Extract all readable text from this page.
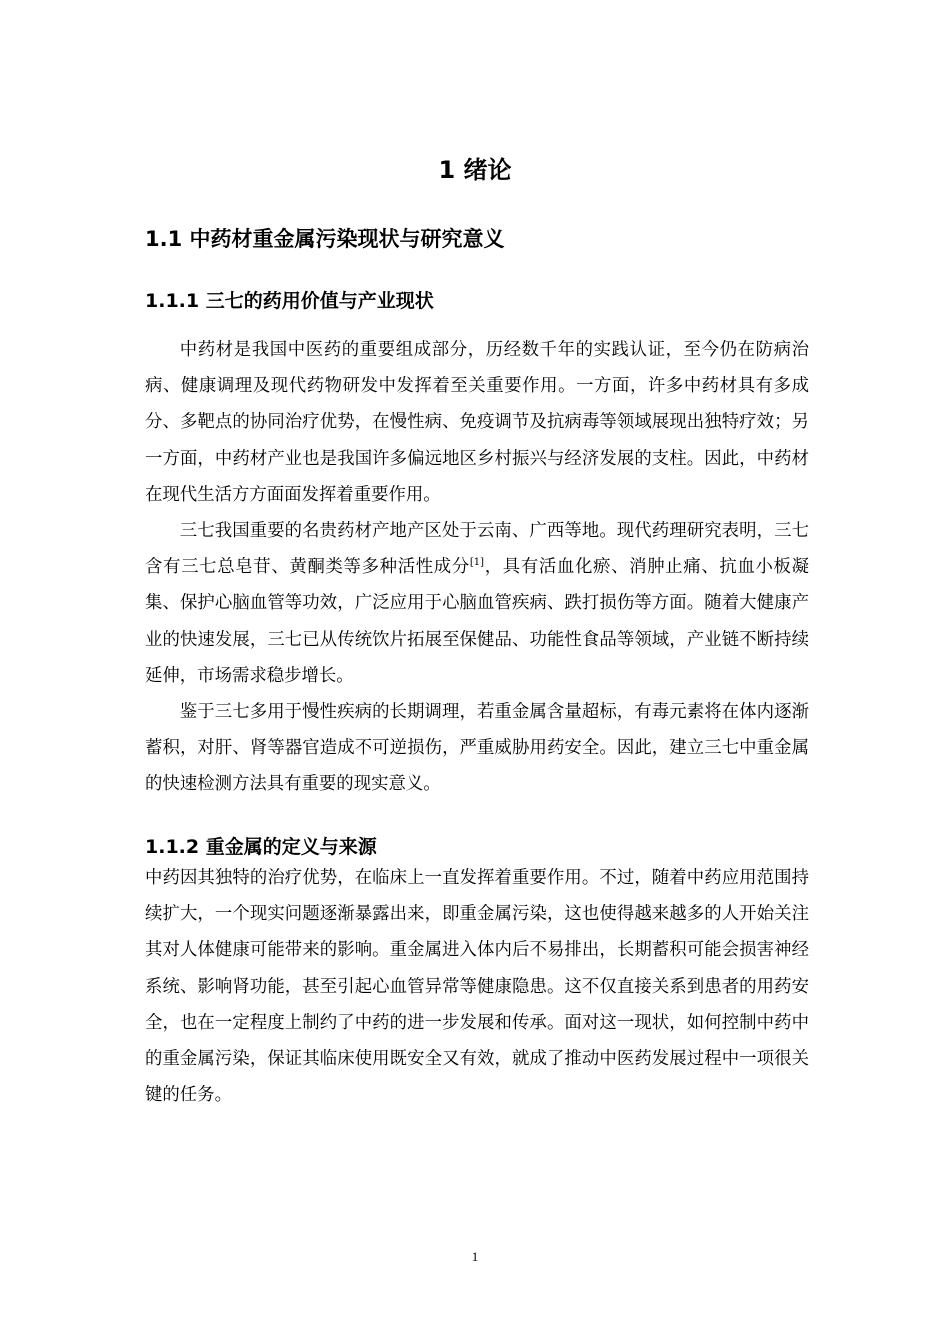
1 绪论
1.1 中药材重金属污染现状与研究意义
1.1.1 三七的药用价值与产业现状

中药材是我国中医药的重要组成部分，历经数千年的实践认证，至今仍在防病治病、健康调理及现代药物研发中发挥着至关重要作用。一方面，许多中药材具有多成分、多靶点的协同治疗优势，在慢性病、免疫调节及抗病毒等领域展现出独特疗效；另一方面，中药材产业也是我国许多偏远地区乡村振兴与经济发展的支柱。因此，中药材在现代生活方方面面发挥着重要作用。

三七我国重要的名贵药材产地产区处于云南、广西等地。现代药理研究表明，三七含有三七总皂苷、黄酮类等多种活性成分[1]，具有活血化瘀、消肿止痛、抗血小板凝集、保护心脑血管等功效，广泛应用于心脑血管疾病、跌打损伤等方面。随着大健康产业的快速发展，三七已从传统饮片拓展至保健品、功能性食品等领域，产业链不断持续延伸，市场需求稳步增长。

鉴于三七多用于慢性疾病的长期调理，若重金属含量超标，有毒元素将在体内逐渐蓄积，对肝、肾等器官造成不可逆损伤，严重威胁用药安全。因此，建立三七中重金属的快速检测方法具有重要的现实意义。

1.1.2 重金属的定义与来源

中药因其独特的治疗优势，在临床上一直发挥着重要作用。不过，随着中药应用范围持续扩大，一个现实问题逐渐暴露出来，即重金属污染，这也使得越来越多的人开始关注其对人体健康可能带来的影响。重金属进入体内后不易排出，长期蓄积可能会损害神经系统、影响肾功能，甚至引起心血管异常等健康隐患。这不仅直接关系到患者的用药安全，也在一定程度上制约了中药的进一步发展和传承。面对这一现状，如何控制中药中的重金属污染，保证其临床使用既安全又有效，就成了推动中医药发展过程中一项很关键的任务。

1
